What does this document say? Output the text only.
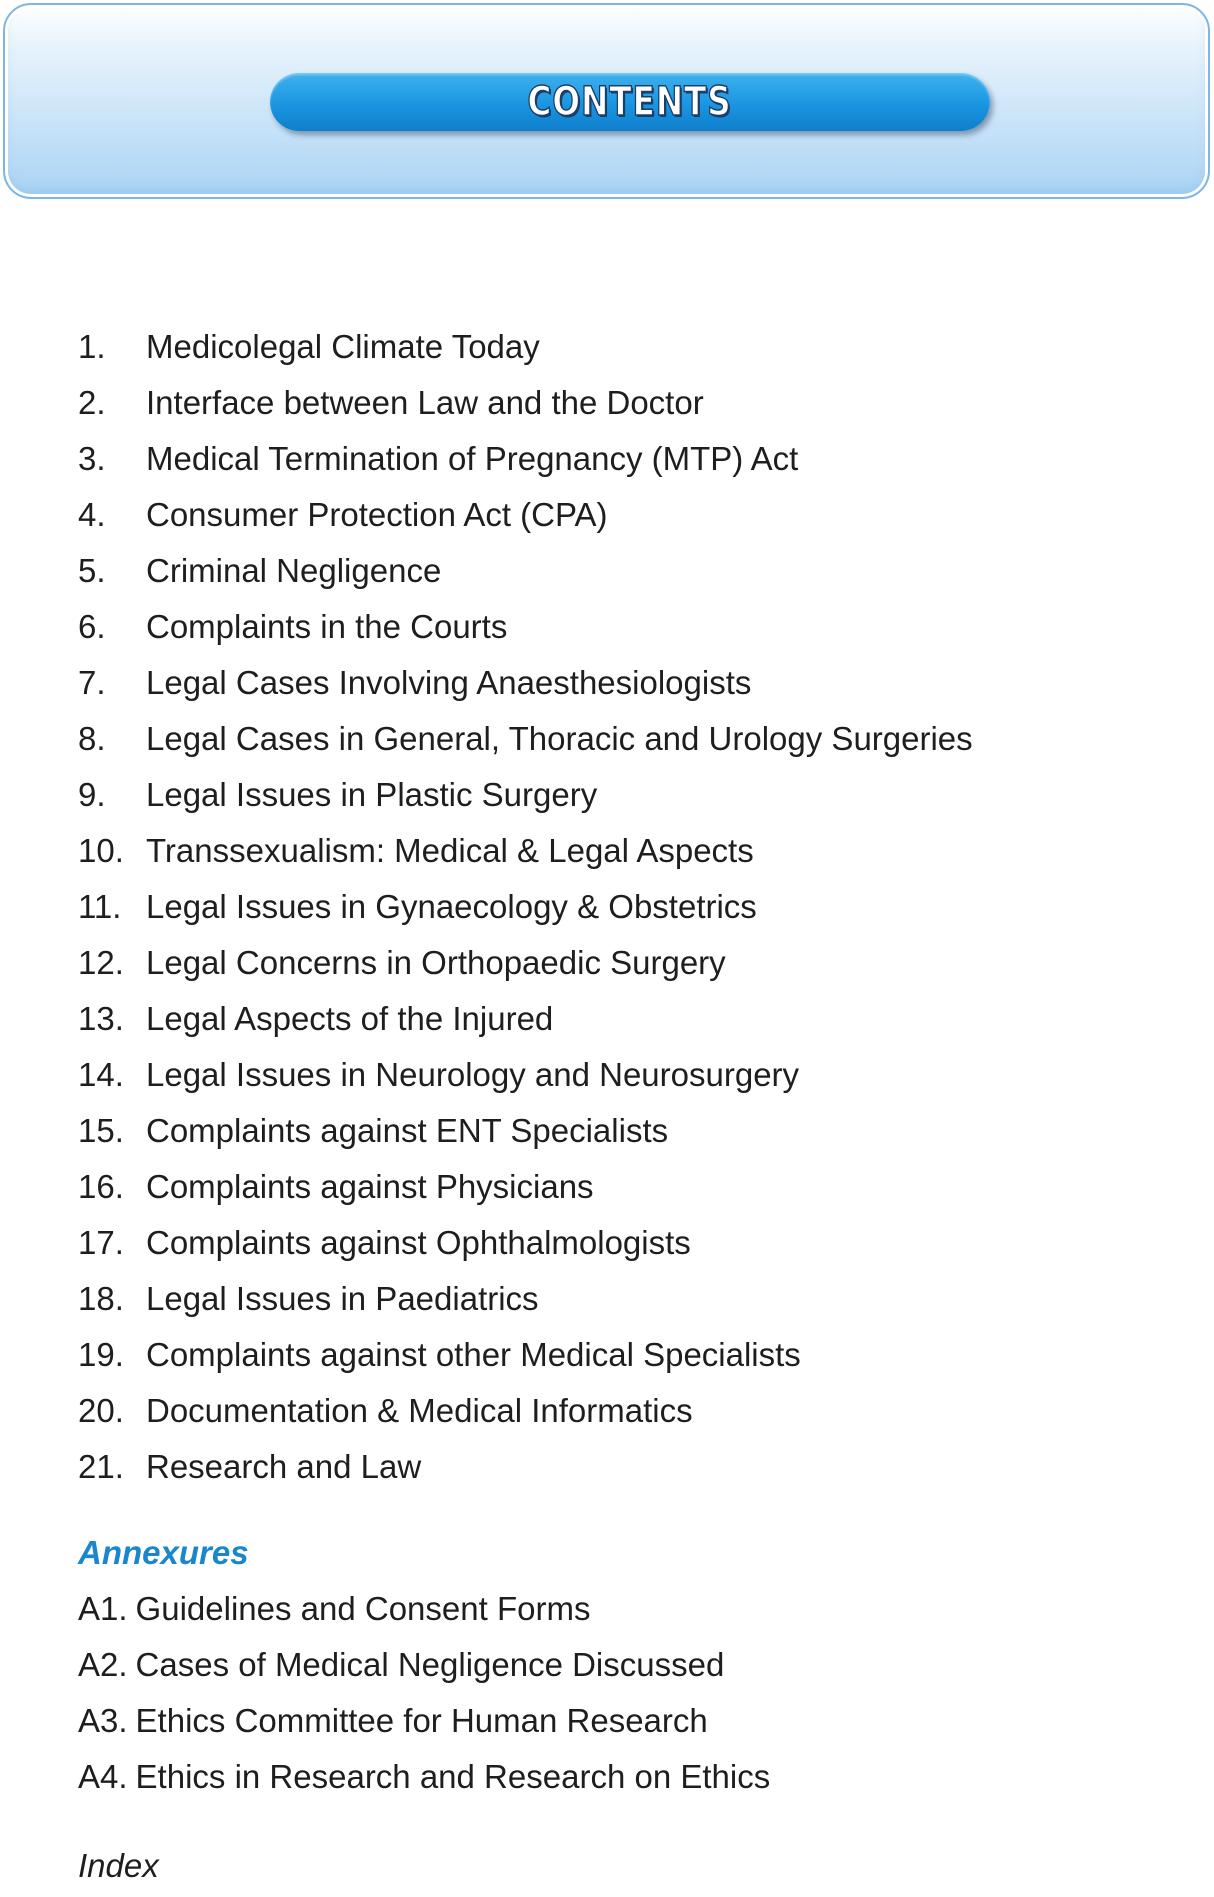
CONTENTS
1.	Medicolegal Climate Today
2.	Interface between Law and the Doctor
3.	Medical Termination of Pregnancy (MTP) Act
4.	Consumer Protection Act (CPA)
5.	Criminal Negligence
6.	Complaints in the Courts
7.	Legal Cases Involving Anaesthesiologists
8.	Legal Cases in General, Thoracic and Urology Surgeries
9.	Legal Issues in Plastic Surgery
10. Transsexualism: Medical & Legal Aspects
11. Legal Issues in Gynaecology & Obstetrics
12. Legal Concerns in Orthopaedic Surgery
13. Legal Aspects of the Injured
14. Legal Issues in Neurology and Neurosurgery
15. Complaints against ENT Specialists
16. Complaints against Physicians
17. Complaints against Ophthalmologists
18. Legal Issues in Paediatrics
19. Complaints against other Medical Specialists
20. Documentation & Medical Informatics
21. Research and Law
Annexures
A1. Guidelines and Consent Forms
A2. Cases of Medical Negligence Discussed
A3. Ethics Committee for Human Research
A4. Ethics in Research and Research on Ethics
Index
